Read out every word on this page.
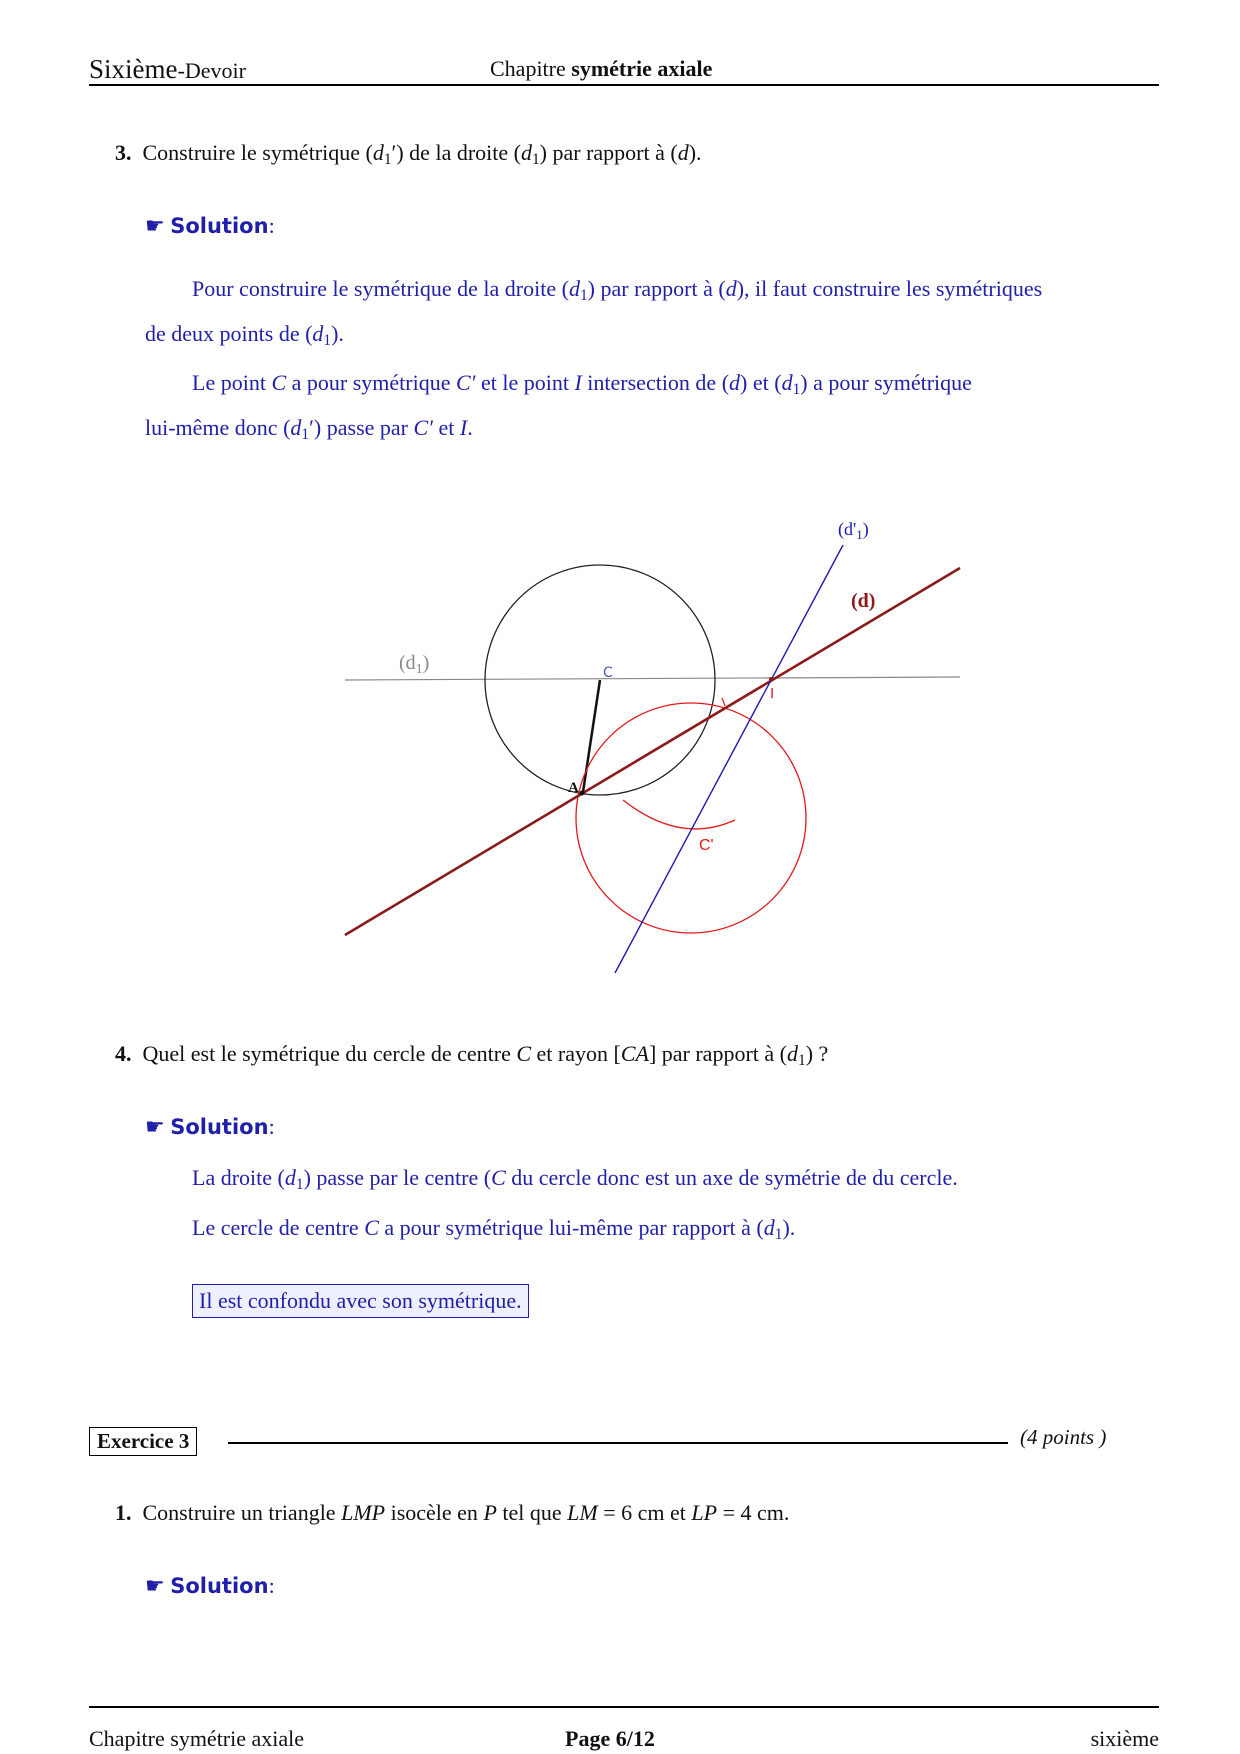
Sixième-Devoir	Chapitre symétrie axiale
3. Construire le symétrique $(d_1')$ de la droite $(d_1)$ par rapport à (d).
☛ Solution:
Pour construire le symétrique de la droite $(d_1)$ par rapport à (d), il faut construire les symétriques
de deux points de $(d_1)$.
Le point C a pour symétrique C′ et le point I intersection de (d) et $(d_1)$ a pour symétrique
lui-même donc $(d_1')$ passe par C′ et I.
$(d_1)$
(d)
$(d'_1)$
A
C
C'
I
4. Quel est le symétrique du cercle de centre C et rayon [CA] par rapport à $(d_1)$ ?
☛ Solution:
La droite $(d_1)$ passe par le centre (C du cercle donc est un axe de symétrie de du cercle.
Le cercle de centre C a pour symétrique lui-même par rapport à $(d_1)$.
Il est confondu avec son symétrique.
Exercice 3	(4 points )
1. Construire un triangle LMP isocèle en P tel que LM = 6 cm et LP = 4 cm.
☛ Solution:
Chapitre symétrie axiale	Page 6/12	sixième
